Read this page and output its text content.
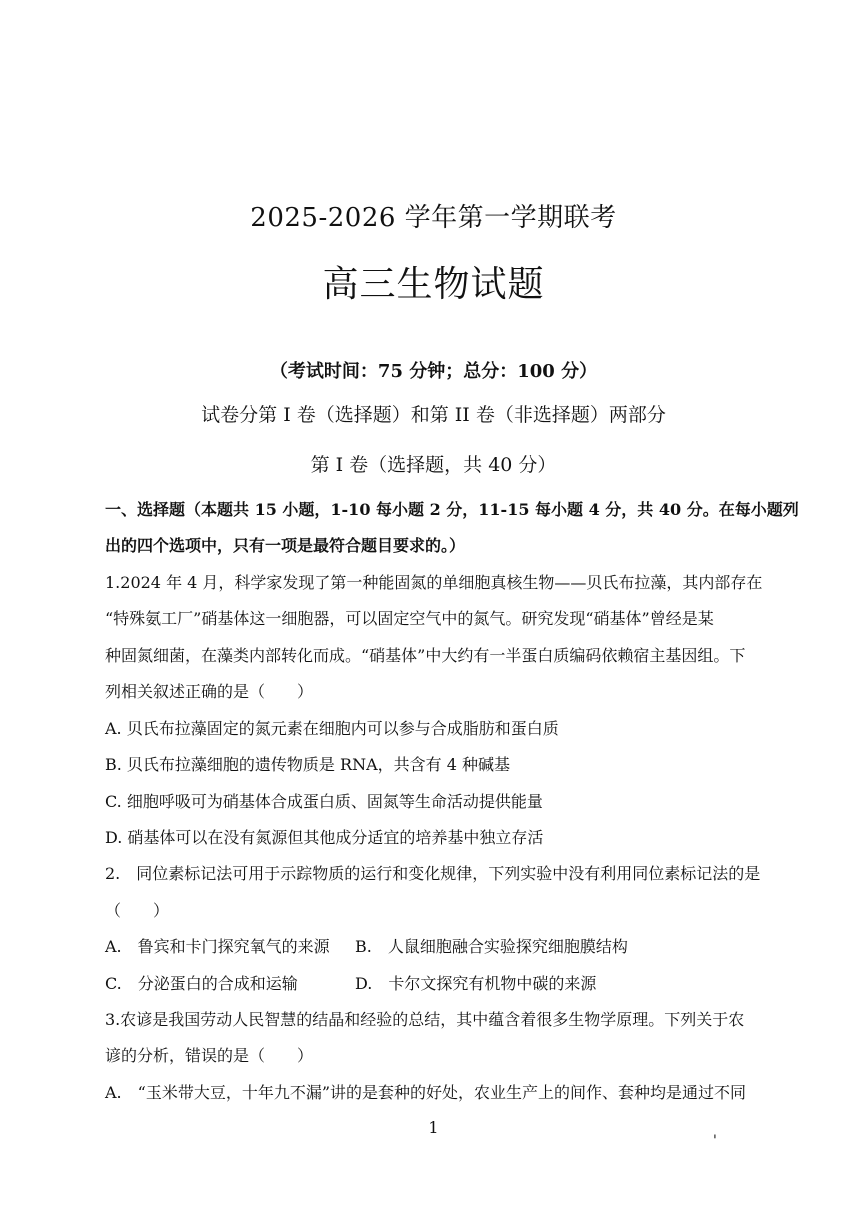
2025-2026 学年第一学期联考
高三生物试题
（考试时间：75 分钟；总分：100 分）
试卷分第 I 卷（选择题）和第 II 卷（非选择题）两部分
第 I 卷（选择题，共 40 分）
一、选择题（本题共 15 小题，1-10 每小题 2 分，11-15 每小题 4 分，共 40 分。在每小题列
出的四个选项中，只有一项是最符合题目要求的。）
1.2024 年 4 月，科学家发现了第一种能固氮的单细胞真核生物——贝氏布拉藻，其内部存在
“特殊氨工厂”硝基体这一细胞器，可以固定空气中的氮气。研究发现“硝基体”曾经是某
种固氮细菌，在藻类内部转化而成。“硝基体”中大约有一半蛋白质编码依赖宿主基因组。下
列相关叙述正确的是（　　）
A. 贝氏布拉藻固定的氮元素在细胞内可以参与合成脂肪和蛋白质
B. 贝氏布拉藻细胞的遗传物质是 RNA，共含有 4 种碱基
C. 细胞呼吸可为硝基体合成蛋白质、固氮等生命活动提供能量
D. 硝基体可以在没有氮源但其他成分适宜的培养基中独立存活
2.　同位素标记法可用于示踪物质的运行和变化规律，下列实验中没有利用同位素标记法的是
（　　）
A.　鲁宾和卡门探究氧气的来源 B.　人鼠细胞融合实验探究细胞膜结构
C.　分泌蛋白的合成和运输	D.　卡尔文探究有机物中碳的来源
3.农谚是我国劳动人民智慧的结晶和经验的总结，其中蕴含着很多生物学原理。下列关于农
谚的分析，错误的是（　　）
A.　“玉米带大豆，十年九不漏”讲的是套种的好处，农业生产上的间作、套种均是通过不同
1
'
